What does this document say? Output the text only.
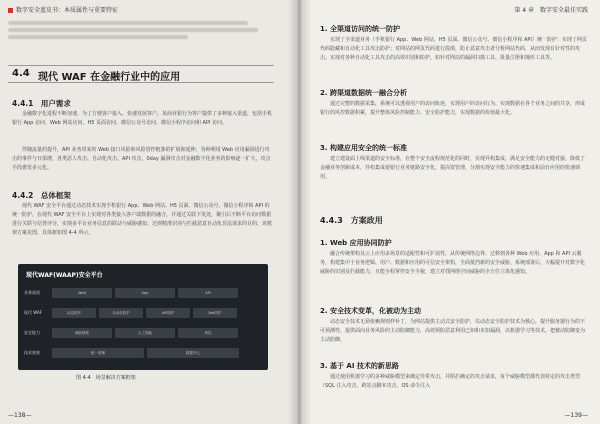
数字安全蓝皮书：本质属性与重要特征
4.4 现代 WAF 在金融行业中的应用
4.4.1　用户需求

金融数字化进程不断加速，为了方便客户接入、快速发展客户，某商业银行为客户提供了多种接入渠道，包括手机银行 App 访问、Web 网站访问、H5 页面访问、微信公众号访问、微信小程序访问和 API 访问。

伴随流量的提升，API 业务带来的 Web 接口风险和风险管控链条的扩展和延伸，各种利用 Web 应用漏洞进行攻击的事件与日俱增，各类恶人攻击、自动化攻击、API 攻击、0day 漏洞攻击对金融数字化业务的影响逐一扩大，攻击手段愈发多元化。

4.4.2　总体框架

现代 WAF 安全平台通过动态技术实现手机银行 App、Web 网站、H5 页面、微信公众号、微信小程序和 API 的统一防护，在现代 WAF 安全平台上实现对各类接入客户端数据的融合，并通过关联下发处，聚引后不断平台访问数据进行关联与信誉评分，实现多平台业务信息的联动与威胁感知，达到精准识别与拦截恶意自动化非法请求的目的，该框架方案见图，具体框如图 4-4 所示。

现代WAF(WAAP)安全平台
业务渠道	Web	App	API
现代 WAF	动态防护	自动化防护	API防护	Bot防护
安全能力	威胁情报	人工智能	风控
技术底座	统一管理	数据中心
图 4-4　场景解决方案框架
—138—
第 4 章　数字安全最佳实践
1. 全渠道访问的统一防护

实现了全渠道业务（手机银行 App、Web 网站、H5 页面、微信公众号、微信小程序和 API）统一防护：实现了网页代码隐藏和自动化工具攻击防护；对网站的网页代码进行混淆，防止恶意攻击者分析网站代码，从而发现有针对性的攻击。实现对各种自动化工具攻击的高效识别和防护，如针对网站的漏洞扫描工具、批量注册和撞库工具等。

2. 跨渠道数据统一融合分析

通过完整的数据采集，系统可以透视用户的访问轨迹，实现用户的访问行为、实现数据在各个业务之间的共享，形成银行的风控数据积累，提升整体风险控制能力、安全防护能力，实现数据的价值最大化。

3. 构建应用安全的统一标准

建立建设面上线渠道的安全标准，在整个安全流程规范化的同时，实现异构集成，满足安全能力的无缝对接，降低了金融业务创新成本，异构集成使银行业务链路安全化，提高资管理，分割实现安全能力的快速集成和前台应用的快速调用。

4.4.3　方案政用
1. Web 应用协同防护

融合传统架构及云上应用多场景的适配性和可扩展性，从传统网络边界、迁移到各种 Web 应用、App 和 API 云服务，构建集中于业务逻辑、用户、数据和应用的可信安全架构，全面抵挡新的安全威胁，系统部署后，大幅提升对数字化威胁的识别及拦截能力，且能全程掌控安全全貌，建立对找网络空间威胁的全方位立体化感知。

2. 安全技术变革，化被动为主动

动态安全技术无须依赖规则样补丁，为网站提供主动式安全防护，以动态安全防护技术为核心，提升服务器行为的不可预测性，提供面向业务风险的主动防御能力，高效预防恶意利用已知和未知漏洞，以机器学习等技术，把被动防御变为主动防御。

3. 基于 AI 技术的新思路

通过使用机器学习的多种威胁模型来确定异常攻击，并阻拦确定的攻击请求，每个威胁模型都代表特定的攻击类型（SQL 注入攻击、跨站点脚本攻击、OS 命令注入

—139—
